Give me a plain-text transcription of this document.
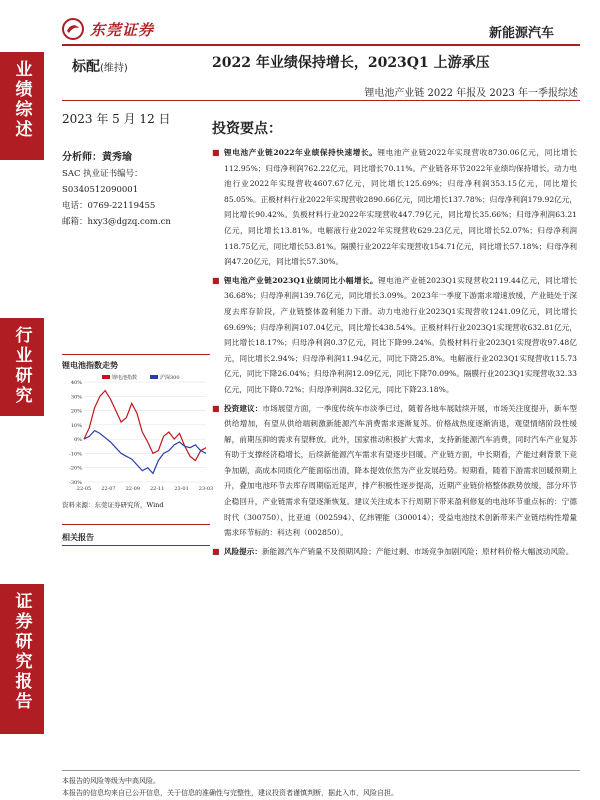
东莞证券	新能源汽车
业绩综述
行业研究
证券研究报告
标配(维持)	2022 年业绩保持增长，2023Q1 上游承压
锂电池产业链 2022 年报及 2023 年一季报综述
2023 年 5 月 12 日
投资要点：
分析师：黄秀瑜
SAC 执业证书编号：
S0340512090001
电话：0769-22119455
邮箱：hxy3@dgzq.com.cn
锂电池指数走势
40%
30%
20%
10%
0%
-10%
-20%
-30%
22-05 22-07 22-09 22-11 23-01 23-03
锂电池指数	沪深300
资料来源：东莞证券研究所，Wind
相关报告
■ 锂电池产业链2022年业绩保持快速增长。锂电池产业链2022年实现营收8730.06亿元，同比增长112.95%；归母净利润762.22亿元，同比增长70.11%。产业链各环节2022年业绩均保持增长。动力电池行业2022年实现营收4607.67亿元，同比增长125.69%；归母净利润353.15亿元，同比增长85.05%。正极材料行业2022年实现营收2890.66亿元，同比增长137.78%；归母净利润179.92亿元，同比增长90.42%。负极材料行业2022年实现营收447.79亿元，同比增长35.66%；归母净利润63.21亿元，同比增长13.81%。电解液行业2022年实现营收629.23亿元，同比增长52.07%；归母净利润118.75亿元，同比增长53.81%。隔膜行业2022年实现营收154.71亿元，同比增长57.18%；归母净利润47.20亿元，同比增长57.30%。
■ 锂电池产业链2023Q1业绩同比小幅增长。锂电池产业链2023Q1实现营收2119.44亿元，同比增长36.68%；归母净利润139.76亿元，同比增长3.09%。2023年一季度下游需求增速放缓，产业链处于深度去库存阶段，产业链整体盈利能力下滑。动力电池行业2023Q1实现营收1241.09亿元，同比增长69.69%；归母净利润107.04亿元，同比增长438.54%。正极材料行业2023Q1实现营收632.81亿元，同比增长18.17%；归母净利润0.37亿元，同比下降99.24%。负极材料行业2023Q1实现营收97.48亿元，同比增长2.94%；归母净利润11.94亿元，同比下降25.8%。电解液行业2023Q1实现营收115.73亿元，同比下降26.04%；归母净利润12.09亿元，同比下降70.09%。隔膜行业2023Q1实现营收32.33亿元，同比下降0.72%；归母净利润8.32亿元，同比下降23.18%。
■ 投资建议：市场展望方面，一季度传统车市淡季已过，随着各地车展陆续开展，市场关注度提升，新车型供给增加，有望从供给端刺激新能源汽车消费需求逐渐复苏。价格战热度逐渐消退，观望情绪阶段性缓解，前期压抑的需求有望释放。此外，国家推动积极扩大需求，支持新能源汽车消费，同时汽车产业复苏有助于支撑经济稳增长，后续新能源汽车需求有望逐步回暖。产业链方面，中长期看，产能过剩背景下竞争加剧，高成本同质化产能面临出清，降本提效依然为产业发展趋势。短期看，随着下游需求回暖预期上升，叠加电池环节去库存周期临近尾声，排产积极性逐步提高，近期产业链价格整体跌势放缓，部分环节企稳回升，产业链需求有望逐渐恢复。建议关注成本下行周期下带来盈利修复的电池环节重点标的：宁德时代（300750）、比亚迪（002594）、亿纬锂能（300014）；受益电池技术创新带来产业链结构性增量需求环节标的：科达利（002850）。
■ 风险提示：新能源汽车产销量不及预期风险；产能过剩、市场竞争加剧风险；原材料价格大幅波动风险。
本报告的风险等级为中高风险。
本报告的信息均来自已公开信息，关于信息的准确性与完整性，建议投资者谨慎判断，据此入市，风险自担。
